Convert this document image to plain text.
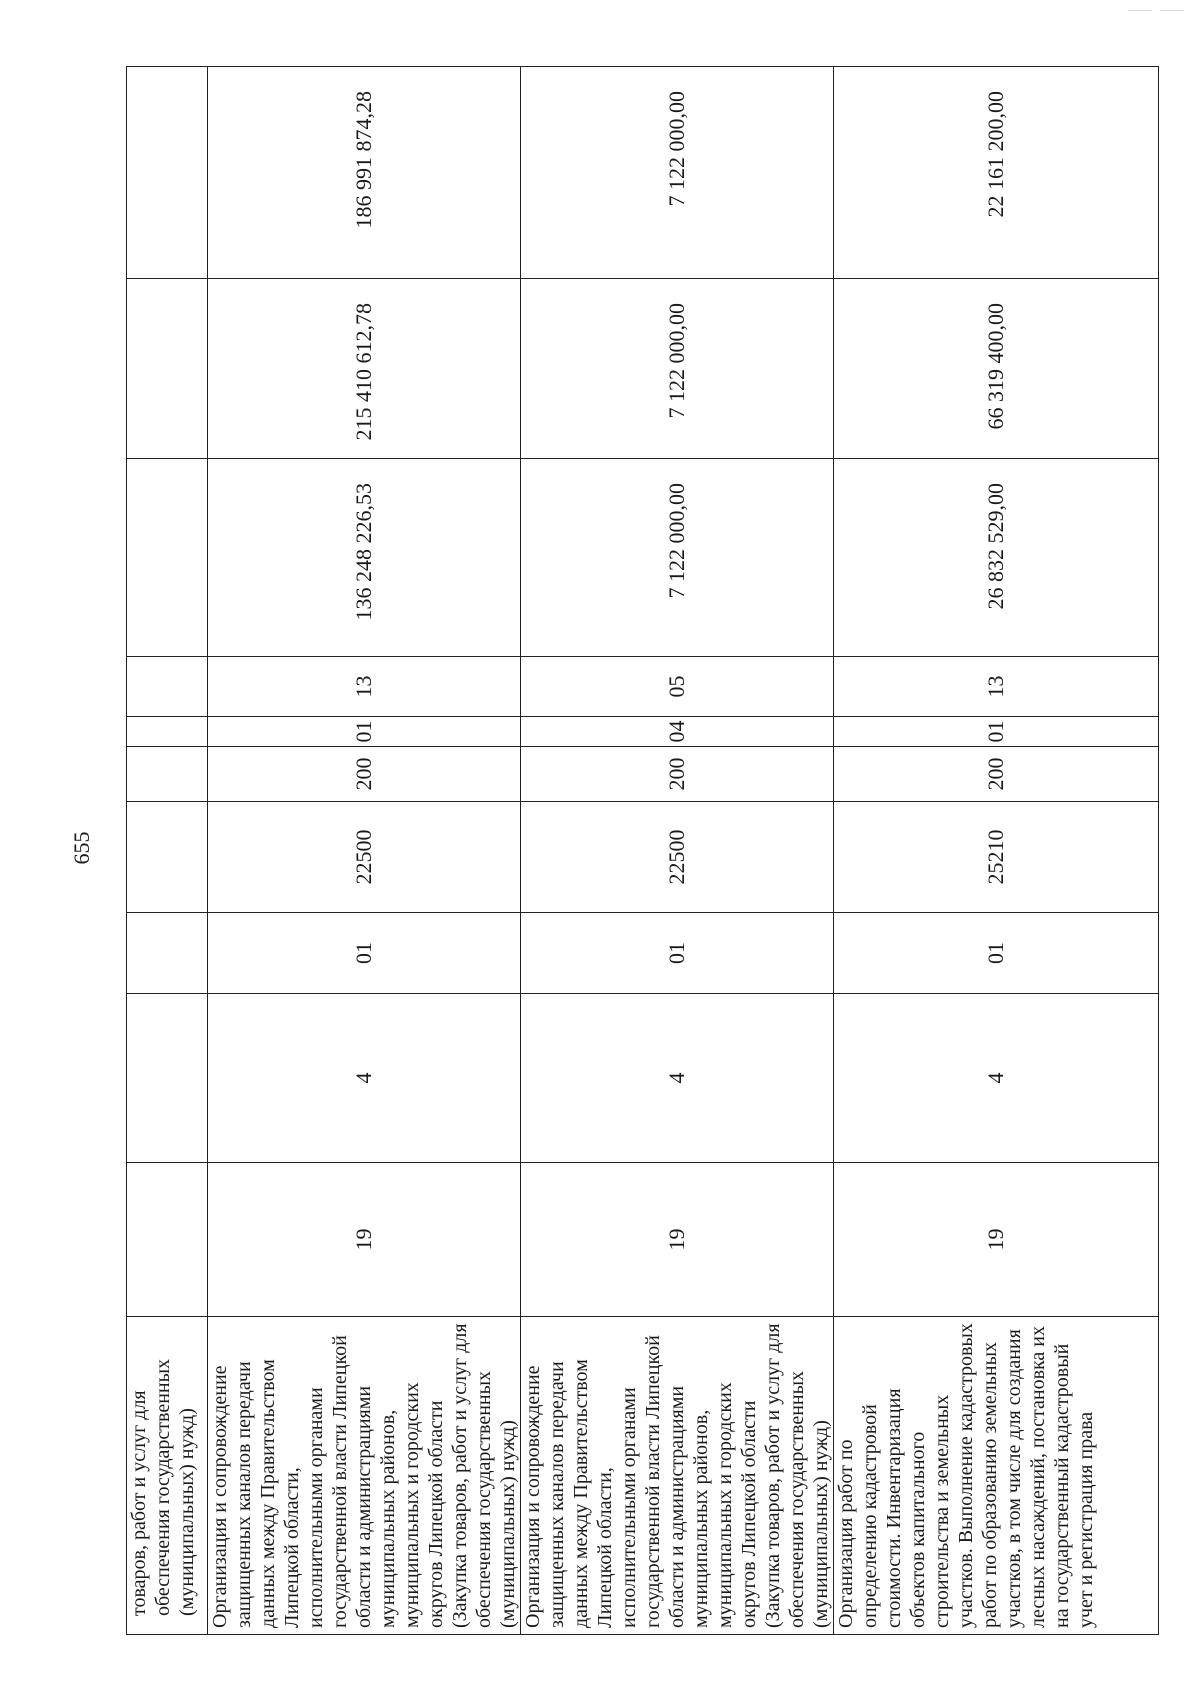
655
товаров, работ и услуг для обеспечения государственных (муниципальных) нужд)										

Организация и сопровождение защищенных каналов передачи данных между Правительством Липецкой области, исполнительными органами государственной власти Липецкой области и администрациями муниципальных районов, муниципальных и городских округов Липецкой области (Закупка товаров, работ и услуг для обеспечения государственных (муниципальных) нужд)	19	4	01	22500	200	01	13	136 248 226,53	215 410 612,78	186 991 874,28

Организация и сопровождение защищенных каналов передачи данных между Правительством Липецкой области, исполнительными органами государственной власти Липецкой области и администрациями муниципальных районов, муниципальных и городских округов Липецкой области (Закупка товаров, работ и услуг для обеспечения государственных (муниципальных) нужд)	19	4	01	22500	200	04	05	7 122 000,00	7 122 000,00	7 122 000,00

Организация работ по определению кадастровой стоимости. Инвентаризация объектов капитального строительства и земельных участков. Выполнение кадастровых работ по образованию земельных участков, в том числе для создания лесных насаждений, постановка их на государственный кадастровый учет и регистрация права	19	4	01	25210	200	01	13	26 832 529,00	66 319 400,00	22 161 200,00
